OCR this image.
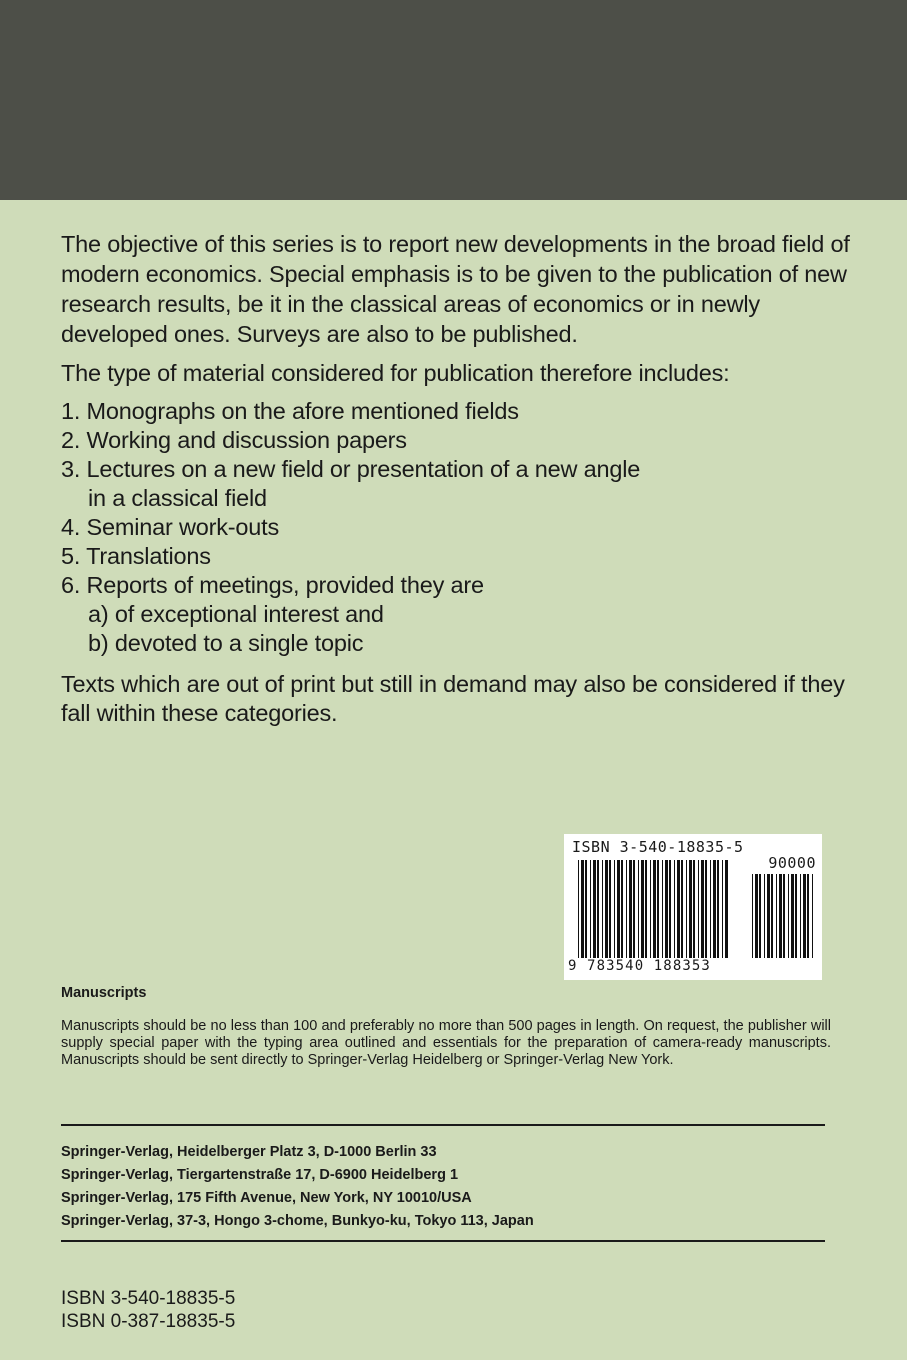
The objective of this series is to report new developments in the broad field of modern economics. Special emphasis is to be given to the publication of new research results, be it in the classical areas of economics or in newly developed ones. Surveys are also to be published.

The type of material considered for publication therefore includes:

1. Monographs on the afore mentioned fields
2. Working and discussion papers
3. Lectures on a new field or presentation of a new angle
in a classical field
4. Seminar work-outs
5. Translations
6. Reports of meetings, provided they are
a) of exceptional interest and
b) devoted to a single topic

Texts which are out of print but still in demand may also be considered if they fall within these categories.

ISBN 3-540-18835-5
90000
9 783540 188353
Manuscripts
Manuscripts should be no less than 100 and preferably no more than 500 pages in length. On request, the publisher will supply special paper with the typing area outlined and essentials for the preparation of camera-ready manuscripts. Manuscripts should be sent directly to Springer-Verlag Heidelberg or Springer-Verlag New York.
Springer-Verlag, Heidelberger Platz 3, D-1000 Berlin 33
Springer-Verlag, Tiergartenstraße 17, D-6900 Heidelberg 1
Springer-Verlag, 175 Fifth Avenue, New York, NY 10010/USA
Springer-Verlag, 37-3, Hongo 3-chome, Bunkyo-ku, Tokyo 113, Japan
ISBN 3-540-18835-5
ISBN 0-387-18835-5
